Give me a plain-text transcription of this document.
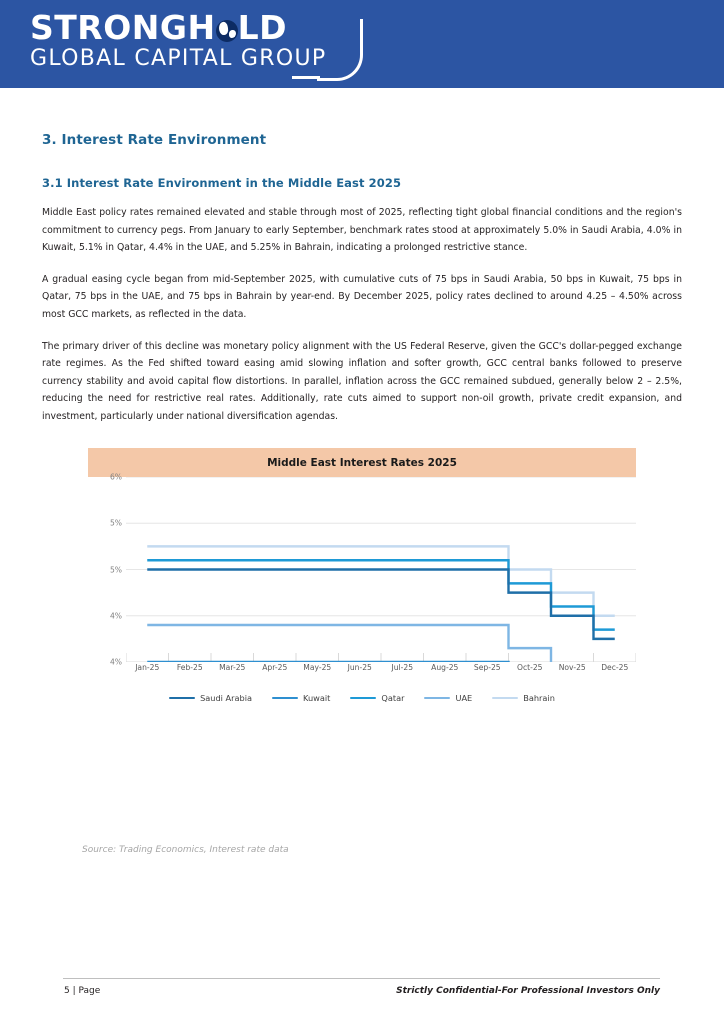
STRONGH LD
GLOBAL CAPITAL GROUP
3. Interest Rate Environment
3.1 Interest Rate Environment in the Middle East 2025

Middle East policy rates remained elevated and stable through most of 2025, reflecting tight global financial conditions and the region's commitment to currency pegs. From January to early September, benchmark rates stood at approximately 5.0% in Saudi Arabia, 4.0% in Kuwait, 5.1% in Qatar, 4.4% in the UAE, and 5.25% in Bahrain, indicating a prolonged restrictive stance.

A gradual easing cycle began from mid-September 2025, with cumulative cuts of 75 bps in Saudi Arabia, 50 bps in Kuwait, 75 bps in Qatar, 75 bps in the UAE, and 75 bps in Bahrain by year-end. By December 2025, policy rates declined to around 4.25 – 4.50% across most GCC markets, as reflected in the data.

The primary driver of this decline was monetary policy alignment with the US Federal Reserve, given the GCC's dollar-pegged exchange rate regimes. As the Fed shifted toward easing amid slowing inflation and softer growth, GCC central banks followed to preserve currency stability and avoid capital flow distortions. In parallel, inflation across the GCC remained subdued, generally below 2 – 2.5%, reducing the need for restrictive real rates. Additionally, rate cuts aimed to support non-oil growth, private credit expansion, and investment, particularly under national diversification agendas.

Middle East Interest Rates 2025
6%
5%
5%
4%
4%
Jan-25 Feb-25 Mar-25 Apr-25 May-25 Jun-25	Jul-25 Aug-25 Sep-25 Oct-25 Nov-25 Dec-25
Saudi Arabia	Kuwait	Qatar	UAE	Bahrain
Source: Trading Economics, Interest rate data
5 | Page	Strictly Confidential-For Professional Investors Only
